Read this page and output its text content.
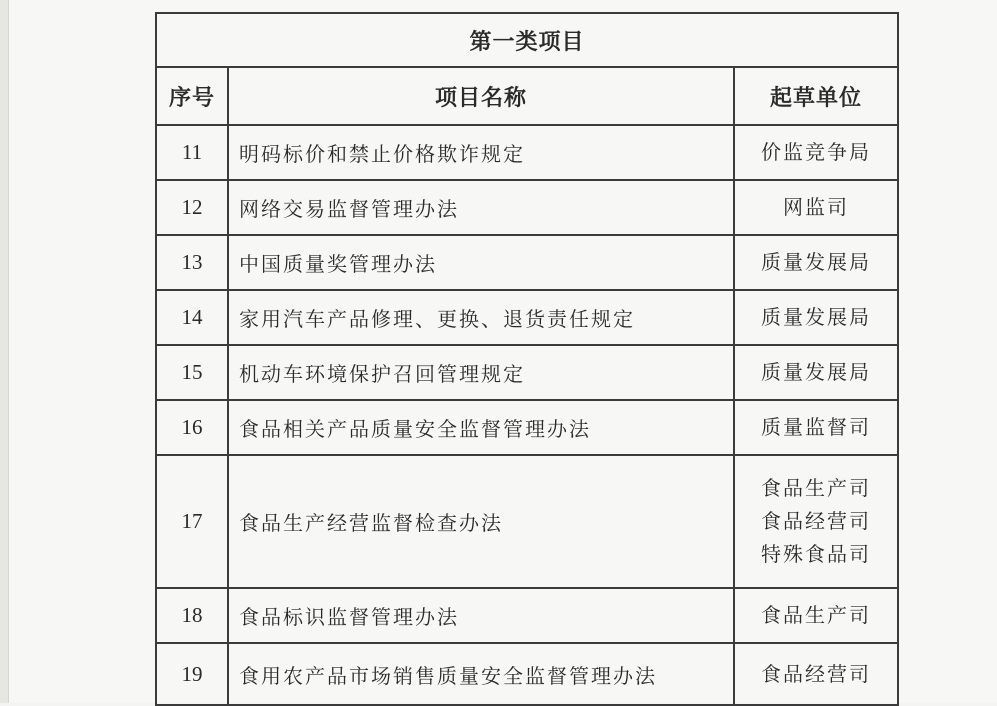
第一类项目		
序号	项目名称	起草单位
11	明码标价和禁止价格欺诈规定	价监竞争局

12	网络交易监督管理办法	网监司

13	中国质量奖管理办法	质量发展局

14	家用汽车产品修理、更换、退货责任规定	质量发展局

15	机动车环境保护召回管理规定	质量发展局

16	食品相关产品质量安全监督管理办法	质量监督司

17	食品生产经营监督检查办法	食品生产司
食品经营司
特殊食品司

18	食品标识监督管理办法	食品生产司

19	食用农产品市场销售质量安全监督管理办法	食品经营司
